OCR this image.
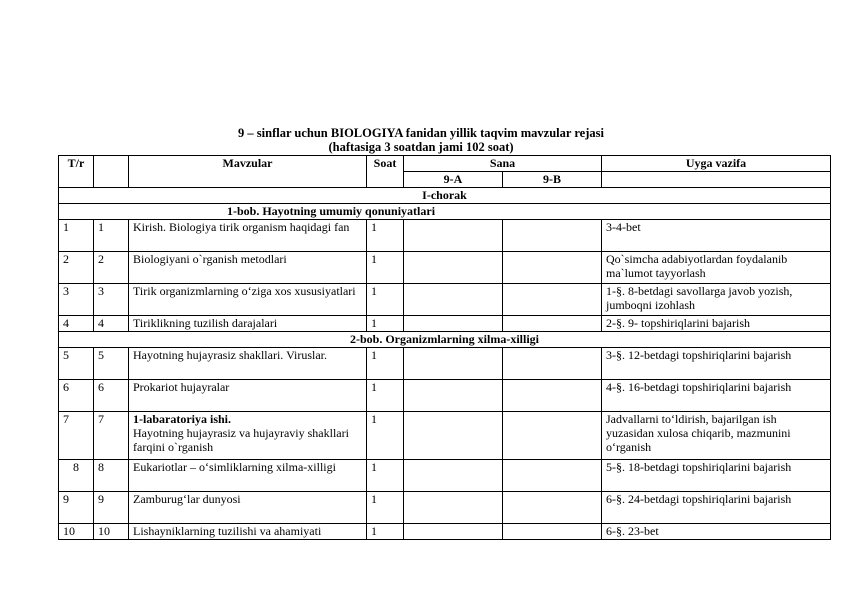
9 – sinflar uchun BIOLOGIYA fanidan yillik taqvim mavzular rejasi
(haftasiga 3 soatdan jami 102 soat)
T/r		Mavzular	Soat	Sana		Uyga vazifa
				9-A	9-B	
I-chorak						
1-bob. Hayotning umumiy qonuniyatlari						
1	1	Kirish. Biologiya tirik organism haqidagi fan	1			3-4-bet
2	2	Biologiyani o`rganish metodlari	1			Qo`simcha adabiyotlardan foydalanib ma`lumot tayyorlash
3	3	Tirik organizmlarning o‘ziga xos xususiyatlari	1			1-§. 8-betdagi savollarga javob yozish, jumboqni izohlash
4	4	Tiriklikning tuzilish darajalari	1			2-§. 9- topshiriqlarini bajarish
2-bob. Organizmlarning xilma-xilligi						
5	5	Hayotning hujayrasiz shakllari. Viruslar.	1			3-§. 12-betdagi topshiriqlarini bajarish
6	6	Prokariot hujayralar	1			4-§. 16-betdagi topshiriqlarini bajarish
7	7	1-labaratoriya ishi.
Hayotning hujayrasiz va hujayraviy shakllari farqini o`rganish	1			Jadvallarni to‘ldirish, bajarilgan ish yuzasidan xulosa chiqarib, mazmunini o‘rganish
8	8	Eukariotlar – o‘simliklarning xilma-xilligi	1			5-§. 18-betdagi topshiriqlarini bajarish
9	9	Zamburug‘lar dunyosi	1			6-§. 24-betdagi topshiriqlarini bajarish
10	10	Lishayniklarning tuzilishi va ahamiyati	1			6-§. 23-bet
